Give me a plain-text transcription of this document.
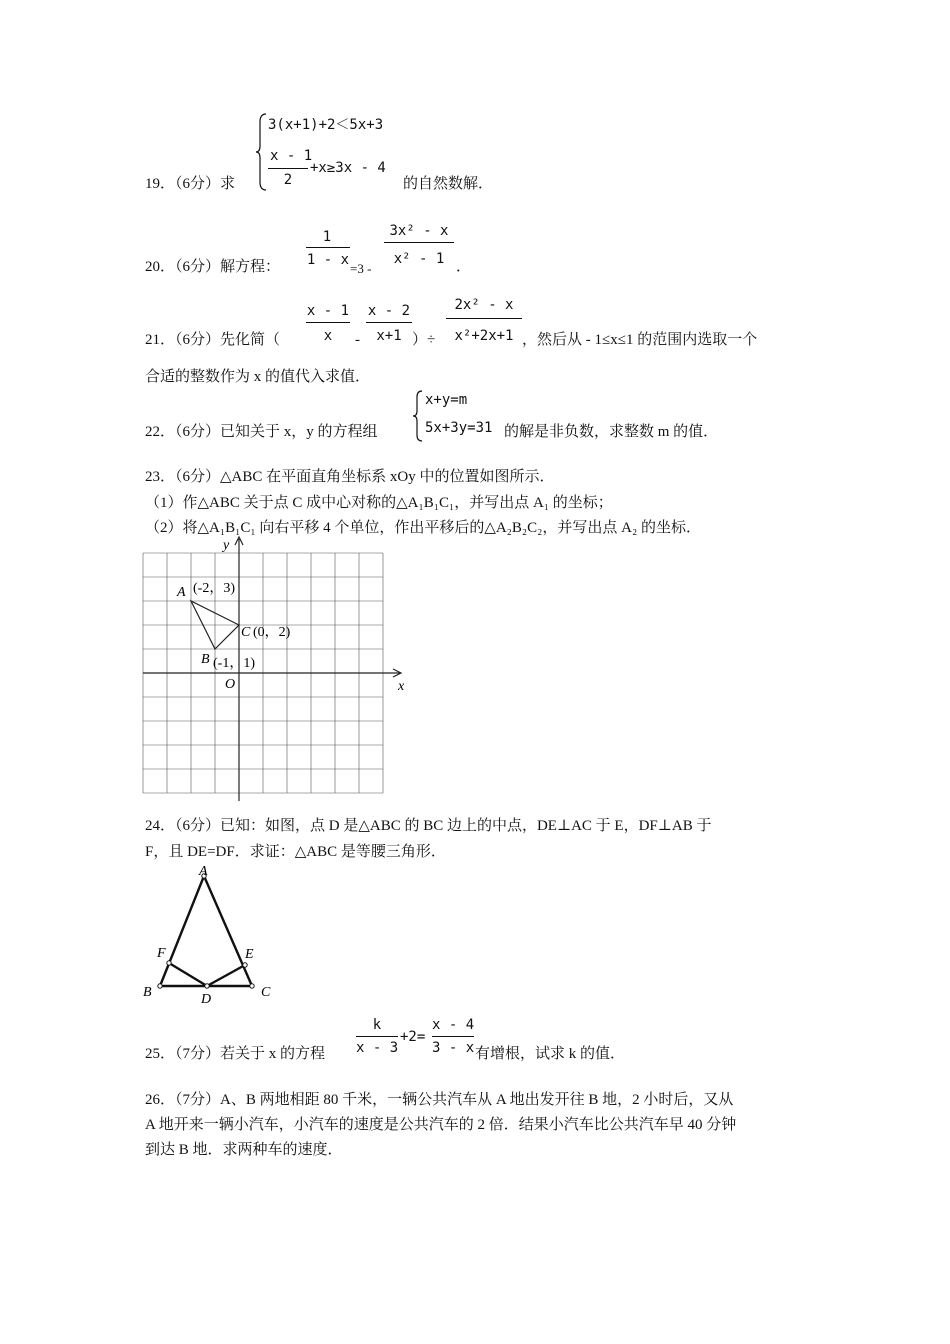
19．（6分）求
3(x+1)+2＜5x+3
x - 1
2
+x≥3x - 4
的自然数解．
20．（6分）解方程：
1
1 - x
=3 -
3x² - x
x² - 1 ．
21．（6分）先化简（
x - 1
x	-
x - 2
x+1 ）÷
2x² - x
x²+2x+1 ，然后从 - 1≤x≤1 的范围内选取一个
合适的整数作为 x 的值代入求值．
22．（6分）已知关于 x，y 的方程组
x+y=m
5x+3y=31 的解是非负数，求整数 m 的值．
23．（6分）△ABC 在平面直角坐标系 xOy 中的位置如图所示．
（1）作△ABC 关于点 C 成中心对称的△A₁B₁C₁，并写出点 A₁ 的坐标；
（2）将△A₁B₁C₁ 向右平移 4 个单位，作出平移后的△A₂B₂C₂，并写出点 A₂ 的坐标．
y
x
O
A (-2，3)
B (-1，1)
C (0，2)
24．（6分）已知：如图，点 D 是△ABC 的 BC 边上的中点，DE⊥AC 于 E，DF⊥AB 于
F，且 DE=DF．求证：△ABC 是等腰三角形．
A
B	C
D
E
F
25．（7分）若关于 x 的方程
k
x - 3
+2=
x - 4
3 - x 有增根，试求 k 的值．
26．（7分）A、B 两地相距 80 千米，一辆公共汽车从 A 地出发开往 B 地，2 小时后，又从
A 地开来一辆小汽车，小汽车的速度是公共汽车的 2 倍．结果小汽车比公共汽车早 40 分钟
到达 B 地．求两种车的速度．
